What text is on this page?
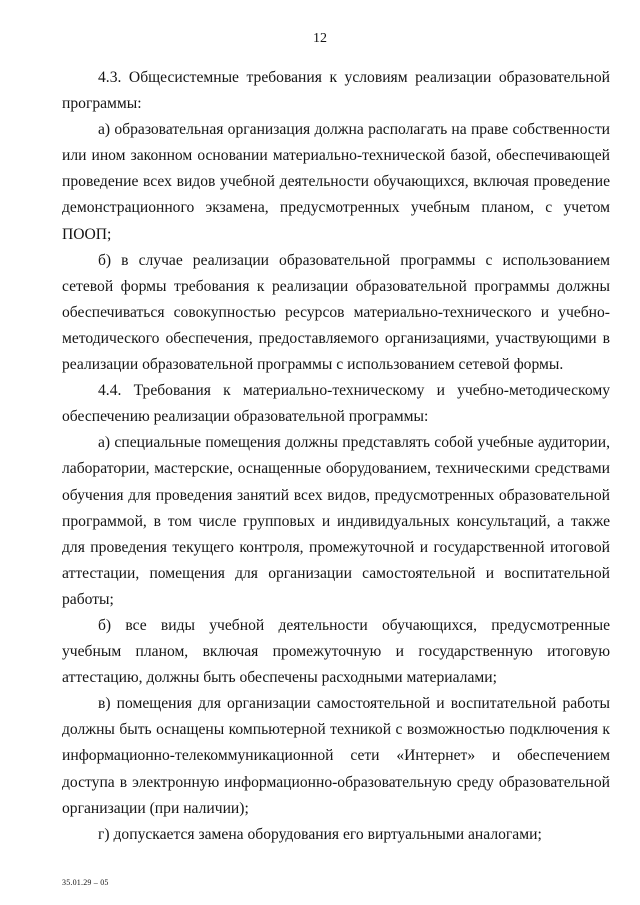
12

4.3. Общесистемные требования к условиям реализации образовательной программы:

а) образовательная организация должна располагать на праве собственности или ином законном основании материально-технической базой, обеспечивающей проведение всех видов учебной деятельности обучающихся, включая проведение демонстрационного экзамена, предусмотренных учебным планом, с учетом ПООП;

б) в случае реализации образовательной программы с использованием сетевой формы требования к реализации образовательной программы должны обеспечиваться совокупностью ресурсов материально-технического и учебно-методического обеспечения, предоставляемого организациями, участвующими в реализации образовательной программы с использованием сетевой формы.

4.4. Требования к материально-техническому и учебно-методическому обеспечению реализации образовательной программы:

а) специальные помещения должны представлять собой учебные аудитории, лаборатории, мастерские, оснащенные оборудованием, техническими средствами обучения для проведения занятий всех видов, предусмотренных образовательной программой, в том числе групповых и индивидуальных консультаций, а также для проведения текущего контроля, промежуточной и государственной итоговой аттестации, помещения для организации самостоятельной и воспитательной работы;

б) все виды учебной деятельности обучающихся, предусмотренные учебным планом, включая промежуточную и государственную итоговую аттестацию, должны быть обеспечены расходными материалами;

в) помещения для организации самостоятельной и воспитательной работы должны быть оснащены компьютерной техникой с возможностью подключения к информационно-телекоммуникационной сети «Интернет» и обеспечением доступа в электронную информационно-образовательную среду образовательной организации (при наличии);

г) допускается замена оборудования его виртуальными аналогами;

35.01.29 – 05
